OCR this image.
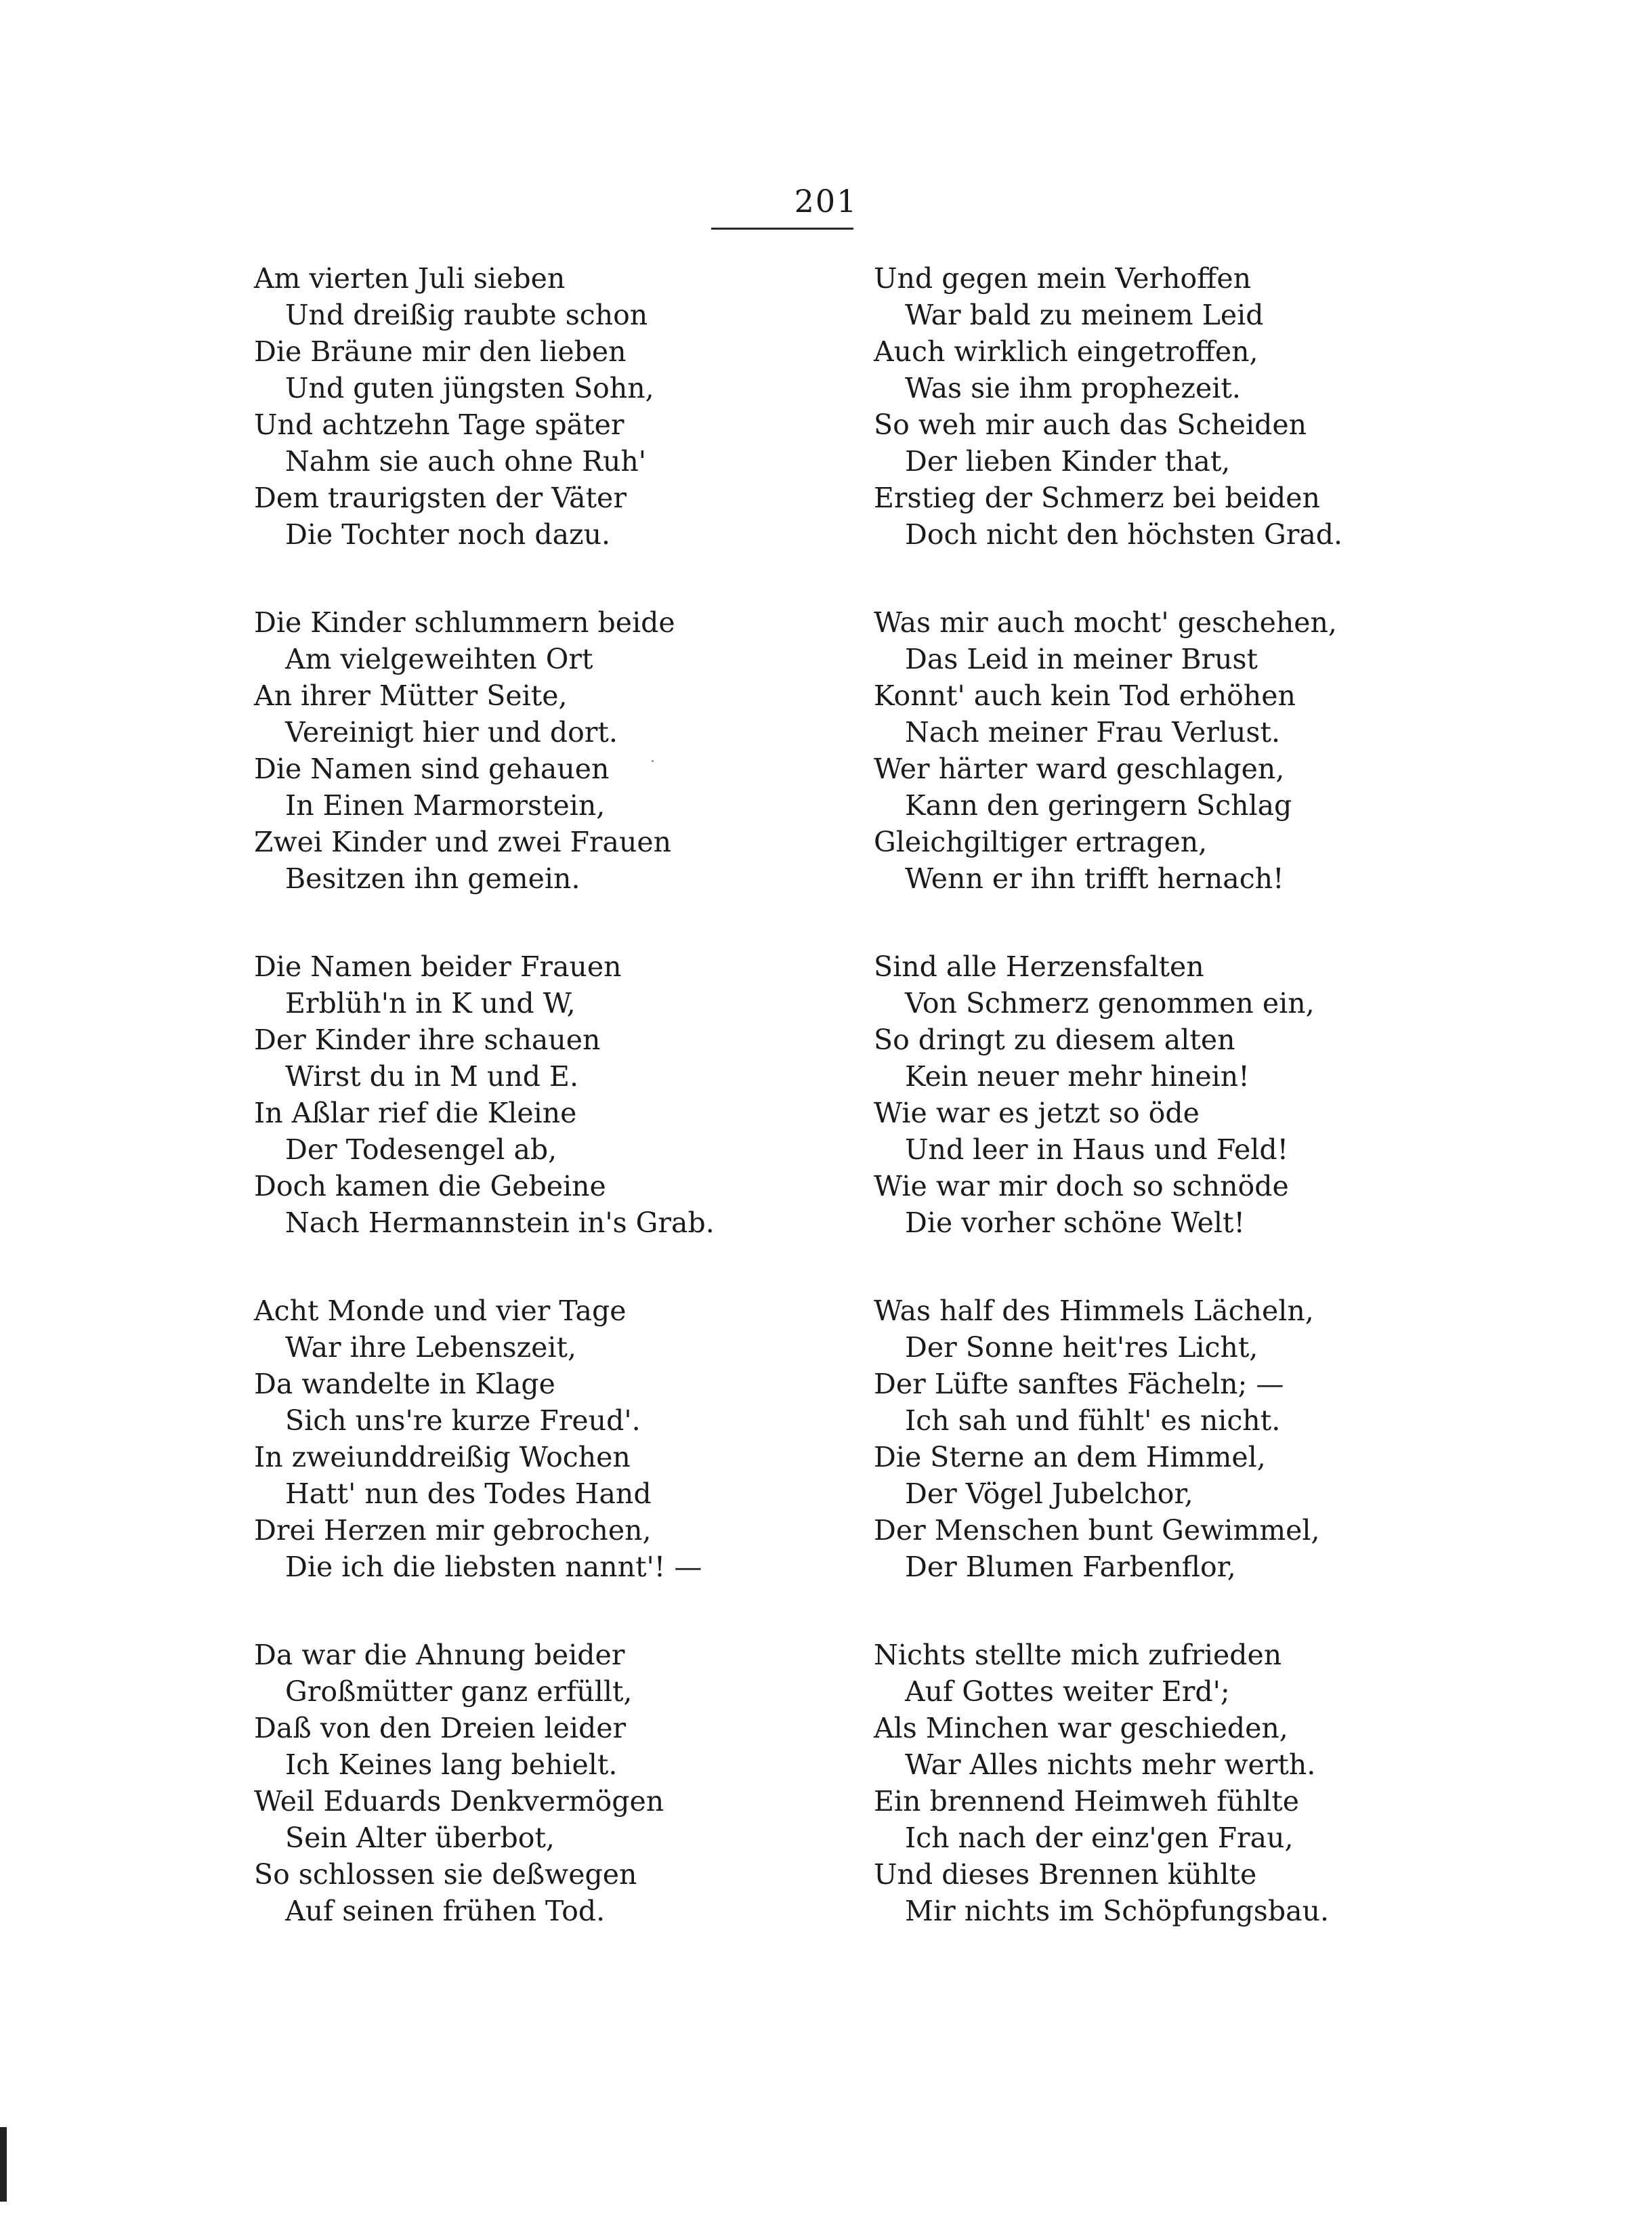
201
Am vierten Juli sieben
Und dreißig raubte schon
Die Bräune mir den lieben
Und guten jüngsten Sohn,
Und achtzehn Tage später
Nahm sie auch ohne Ruh'
Dem traurigsten der Väter
Die Tochter noch dazu.
Die Kinder schlummern beide
Am vielgeweihten Ort
An ihrer Mütter Seite,
Vereinigt hier und dort.
Die Namen sind gehauen
In Einen Marmorstein,
Zwei Kinder und zwei Frauen
Besitzen ihn gemein.
Die Namen beider Frauen
Erblüh'n in K und W,
Der Kinder ihre schauen
Wirst du in M und E.
In Aßlar rief die Kleine
Der Todesengel ab,
Doch kamen die Gebeine
Nach Hermannstein in's Grab.
Acht Monde und vier Tage
War ihre Lebenszeit,
Da wandelte in Klage
Sich uns're kurze Freud'.
In zweiunddreißig Wochen
Hatt' nun des Todes Hand
Drei Herzen mir gebrochen,
Die ich die liebsten nannt'! —
Da war die Ahnung beider
Großmütter ganz erfüllt,
Daß von den Dreien leider
Ich Keines lang behielt.
Weil Eduards Denkvermögen
Sein Alter überbot,
So schlossen sie deßwegen
Auf seinen frühen Tod.
Und gegen mein Verhoffen
War bald zu meinem Leid
Auch wirklich eingetroffen,
Was sie ihm prophezeit.
So weh mir auch das Scheiden
Der lieben Kinder that,
Erstieg der Schmerz bei beiden
Doch nicht den höchsten Grad.
Was mir auch mocht' geschehen,
Das Leid in meiner Brust
Konnt' auch kein Tod erhöhen
Nach meiner Frau Verlust.
Wer härter ward geschlagen,
Kann den geringern Schlag
Gleichgiltiger ertragen,
Wenn er ihn trifft hernach!
Sind alle Herzensfalten
Von Schmerz genommen ein,
So dringt zu diesem alten
Kein neuer mehr hinein!
Wie war es jetzt so öde
Und leer in Haus und Feld!
Wie war mir doch so schnöde
Die vorher schöne Welt!
Was half des Himmels Lächeln,
Der Sonne heit'res Licht,
Der Lüfte sanftes Fächeln; —
Ich sah und fühlt' es nicht.
Die Sterne an dem Himmel,
Der Vögel Jubelchor,
Der Menschen bunt Gewimmel,
Der Blumen Farbenflor,
Nichts stellte mich zufrieden
Auf Gottes weiter Erd';
Als Minchen war geschieden,
War Alles nichts mehr werth.
Ein brennend Heimweh fühlte
Ich nach der einz'gen Frau,
Und dieses Brennen kühlte
Mir nichts im Schöpfungsbau.
